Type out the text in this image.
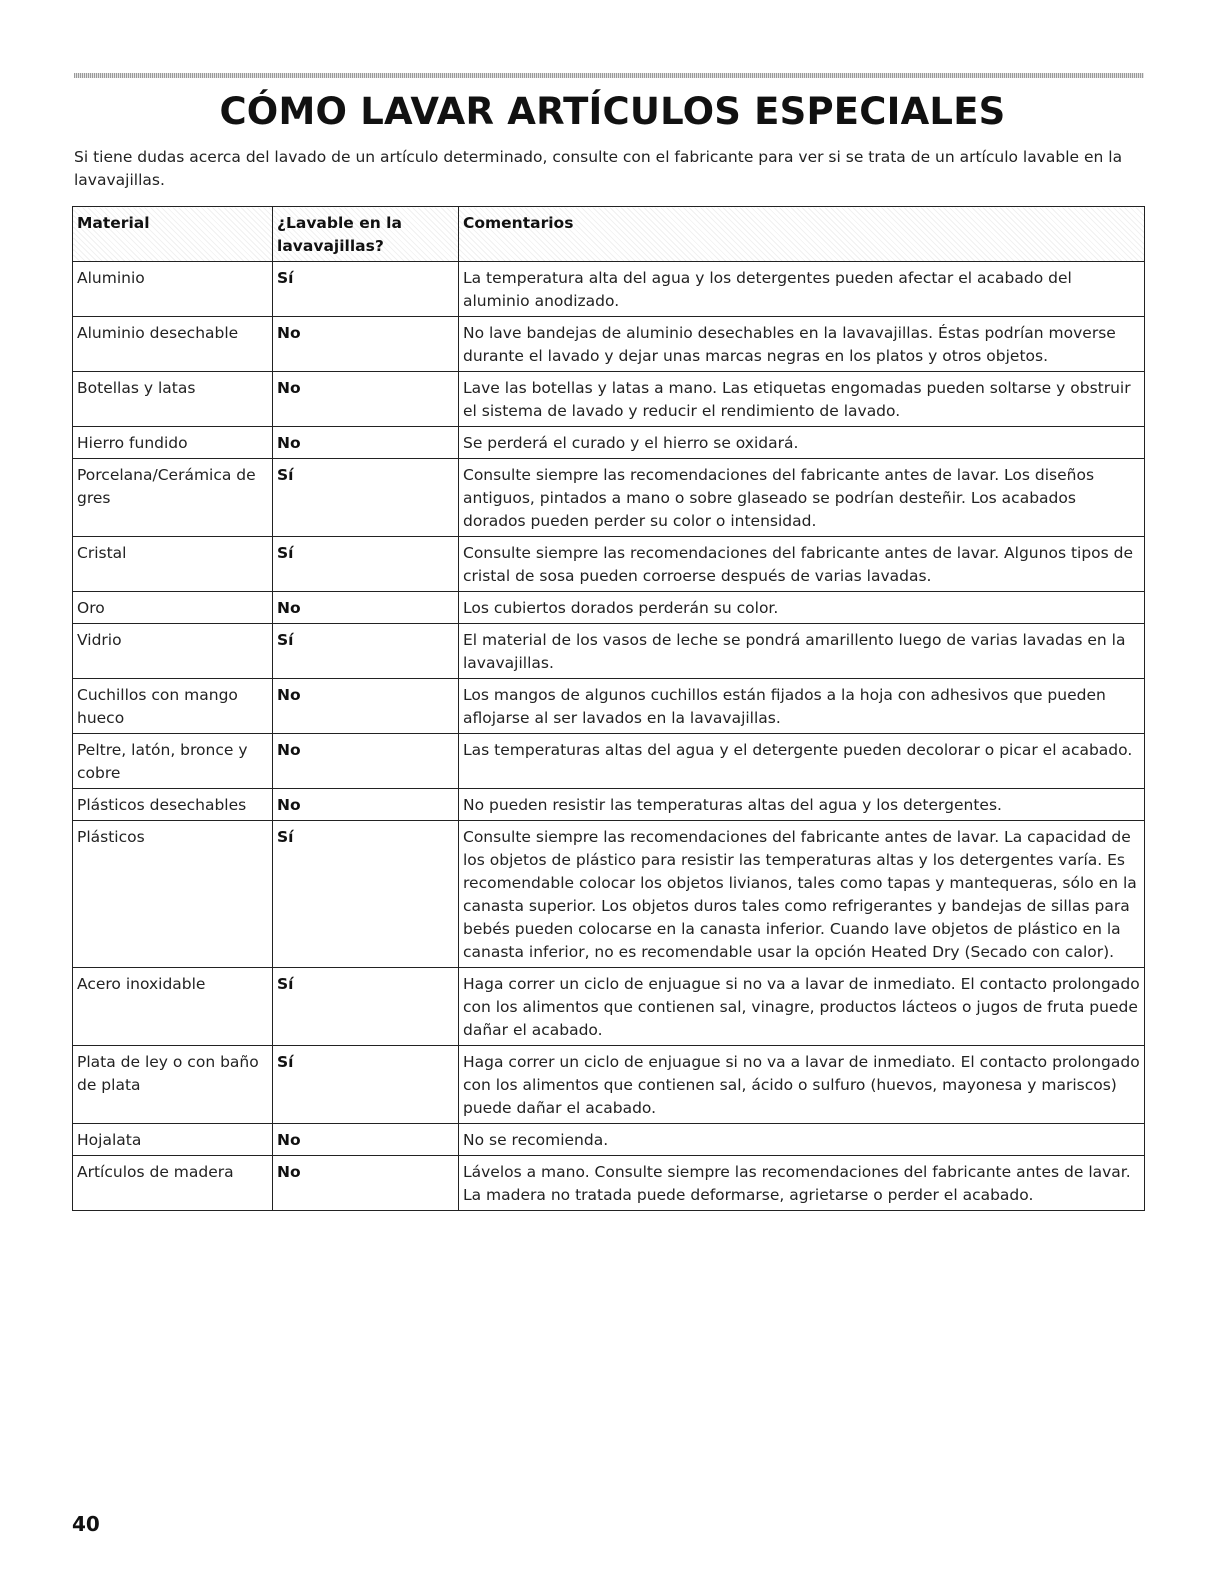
CÓMO LAVAR ARTÍCULOS ESPECIALES

Si tiene dudas acerca del lavado de un artículo determinado, consulte con el fabricante para ver si se trata de un artículo lavable en la lavavajillas.

Material	¿Lavable en la lavavajillas?	Comentarios
Aluminio	Sí	La temperatura alta del agua y los detergentes pueden afectar el acabado del aluminio anodizado.
Aluminio desechable	No	No lave bandejas de aluminio desechables en la lavavajillas. Éstas podrían moverse durante el lavado y dejar unas marcas negras en los platos y otros objetos.
Botellas y latas	No	Lave las botellas y latas a mano. Las etiquetas engomadas pueden soltarse y obstruir el sistema de lavado y reducir el rendimiento de lavado.
Hierro fundido	No	Se perderá el curado y el hierro se oxidará.
Porcelana/Cerámica de gres	Sí	Consulte siempre las recomendaciones del fabricante antes de lavar. Los diseños antiguos, pintados a mano o sobre glaseado se podrían desteñir. Los acabados dorados pueden perder su color o intensidad.
Cristal	Sí	Consulte siempre las recomendaciones del fabricante antes de lavar. Algunos tipos de cristal de sosa pueden corroerse después de varias lavadas.
Oro	No	Los cubiertos dorados perderán su color.
Vidrio	Sí	El material de los vasos de leche se pondrá amarillento luego de varias lavadas en la lavavajillas.
Cuchillos con mango hueco	No	Los mangos de algunos cuchillos están fijados a la hoja con adhesivos que pueden aflojarse al ser lavados en la lavavajillas.
Peltre, latón, bronce y cobre	No	Las temperaturas altas del agua y el detergente pueden decolorar o picar el acabado.
Plásticos desechables	No	No pueden resistir las temperaturas altas del agua y los detergentes.
Plásticos	Sí	Consulte siempre las recomendaciones del fabricante antes de lavar. La capacidad de los objetos de plástico para resistir las temperaturas altas y los detergentes varía. Es recomendable colocar los objetos livianos, tales como tapas y mantequeras, sólo en la canasta superior. Los objetos duros tales como refrigerantes y bandejas de sillas para bebés pueden colocarse en la canasta inferior. Cuando lave objetos de plástico en la canasta inferior, no es recomendable usar la opción Heated Dry (Secado con calor).
Acero inoxidable	Sí	Haga correr un ciclo de enjuague si no va a lavar de inmediato. El contacto prolongado con los alimentos que contienen sal, vinagre, productos lácteos o jugos de fruta puede dañar el acabado.
Plata de ley o con baño de plata	Sí	Haga correr un ciclo de enjuague si no va a lavar de inmediato. El contacto prolongado con los alimentos que contienen sal, ácido o sulfuro (huevos, mayonesa y mariscos) puede dañar el acabado.
Hojalata	No	No se recomienda.
Artículos de madera	No	Lávelos a mano. Consulte siempre las recomendaciones del fabricante antes de lavar. La madera no tratada puede deformarse, agrietarse o perder el acabado.
40
